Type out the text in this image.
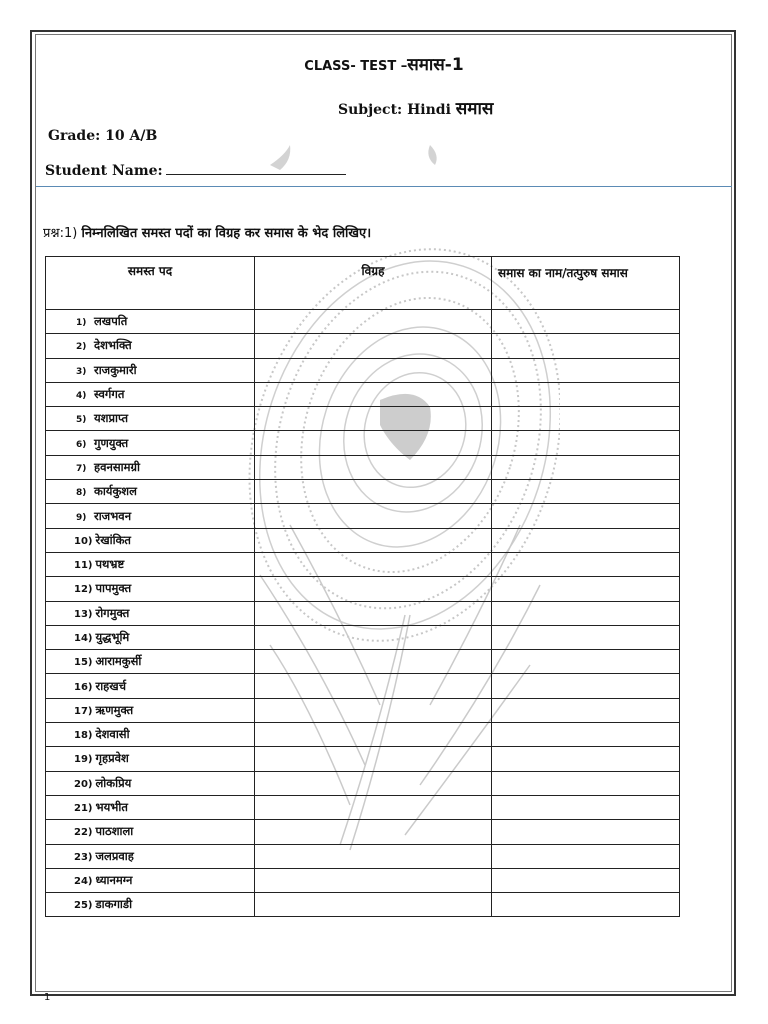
CLASS- TEST –समास-1
Subject: Hindi समास
Grade: 10 A/B
Student Name:
प्रश्न:1) निम्नलिखित समस्त पदों का विग्रह कर समास के भेद लिखिए।
समस्त पद	विग्रह	समास का नाम/तत्पुरुष समास
1) लखपति		
2) देशभक्ति		
3) राजकुमारी		
4) स्वर्गगत		
5) यशप्राप्त		
6) गुणयुक्त		
7) हवनसामग्री		
8) कार्यकुशल		
9) राजभवन		
10) रेखांकित		
11) पथभ्रष्ट		
12) पापमुक्त		
13) रोगमुक्त		
14) युद्धभूमि		
15) आरामकुर्सी		
16) राहखर्च		
17) ऋणमुक्त		
18) देशवासी		
19) गृहप्रवेश		
20) लोकप्रिय		
21) भयभीत		
22) पाठशाला		
23) जलप्रवाह		
24) ध्यानमग्न		
25) डाकगाडी		
1
